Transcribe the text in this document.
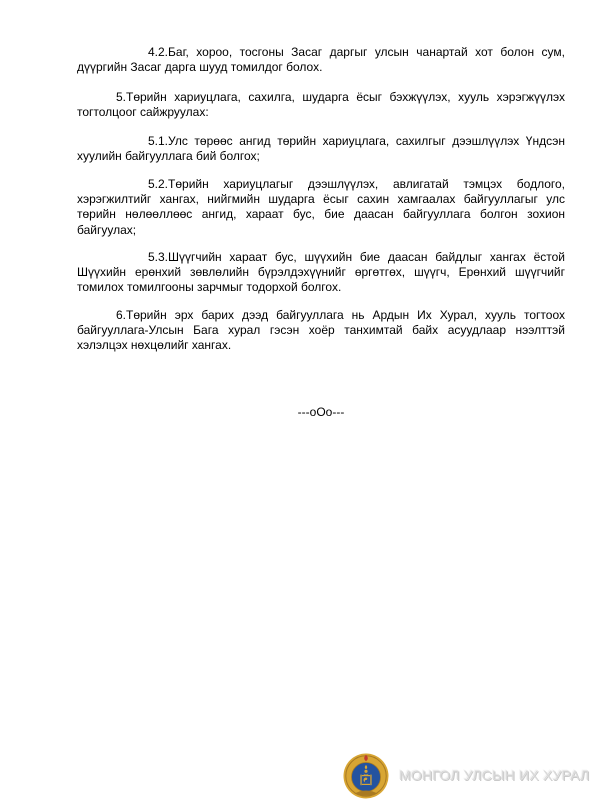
4.2.Баг, хороо, тосгоны Засаг даргыг улсын чанартай хот болон сум,
дүүргийн Засаг дарга шууд томилдог болох.
5.Төрийн хариуцлага, сахилга, шударга ёсыг бэхжүүлэх, хууль хэрэгжүүлэх
тогтолцоог сайжруулах:
5.1.Улс төрөөс ангид төрийн хариуцлага, сахилгыг дээшлүүлэх Үндсэн
хуулийн байгууллага бий болгох;
5.2.Төрийн хариуцлагыг дээшлүүлэх, авлигатай тэмцэх бодлого,
хэрэгжилтийг хангах, нийгмийн шударга ёсыг сахин хамгаалах байгууллагыг улс
төрийн нөлөөллөөс ангид, хараат бус, бие даасан байгууллага болгон зохион
байгуулах;
5.3.Шүүгчийн хараат бус, шүүхийн бие даасан байдлыг хангах ёстой
Шүүхийн ерөнхий зөвлөлийн бүрэлдэхүүнийг өргөтгөх, шүүгч, Ерөнхий шүүгчийг
томилох томилгооны зарчмыг тодорхой болгох.
6.Төрийн эрх барих дээд байгууллага нь Ардын Их Хурал, хууль тогтоох
байгууллага-Улсын Бага хурал гэсэн хоёр танхимтай байх асуудлаар нээлттэй
хэлэлцэх нөхцөлийг хангах.
---oOo---
МОНГОЛ УЛСЫН ИХ ХУРАЛ
